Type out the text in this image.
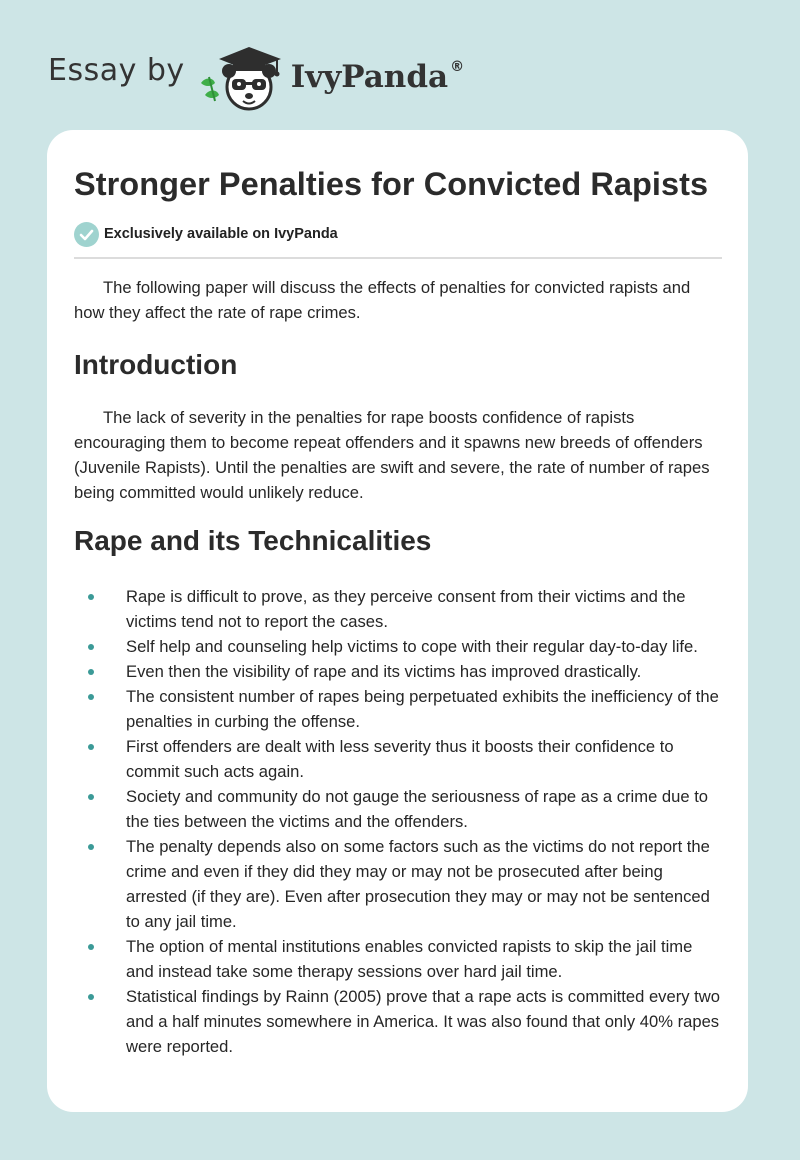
Essay by	IvyPanda ®
Stronger Penalties for Convicted Rapists
Exclusively available on IvyPanda

The following paper will discuss the effects of penalties for convicted rapists and how they affect the rate of rape crimes.

Introduction

The lack of severity in the penalties for rape boosts confidence of rapists encouraging them to become repeat offenders and it spawns new breeds of offenders (Juvenile Rapists). Until the penalties are swift and severe, the rate of number of rapes being committed would unlikely reduce.

Rape and its Technicalities
Rape is difficult to prove, as they perceive consent from their victims and the victims tend not to report the cases.
Self help and counseling help victims to cope with their regular day-to-day life.
Even then the visibility of rape and its victims has improved drastically.
The consistent number of rapes being perpetuated exhibits the inefficiency of the penalties in curbing the offense.
First offenders are dealt with less severity thus it boosts their confidence to commit such acts again.
Society and community do not gauge the seriousness of rape as a crime due to the ties between the victims and the offenders.
The penalty depends also on some factors such as the victims do not report the crime and even if they did they may or may not be prosecuted after being arrested (if they are). Even after prosecution they may or may not be sentenced to any jail time.
The option of mental institutions enables convicted rapists to skip the jail time and instead take some therapy sessions over hard jail time.
Statistical findings by Rainn (2005) prove that a rape acts is committed every two and a half minutes somewhere in America. It was also found that only 40% rapes were reported.
